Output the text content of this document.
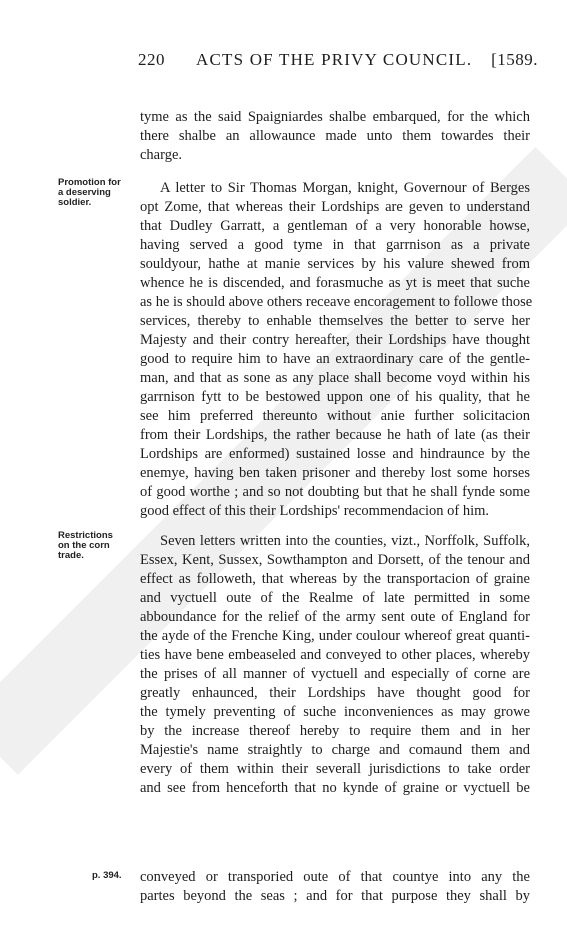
220 ACTS OF THE PRIVY COUNCIL. [1589.
Promotion for
a deserving
soldier.
Restrictions
on the corn
trade.
p. 394.
tyme as the said Spaigniardes shalbe embarqued, for the which
there shalbe an allowaunce made unto them towardes their
charge.
A letter to Sir Thomas Morgan, knight, Governour of Berges
opt Zome, that whereas their Lordships are geven to understand
that Dudley Garratt, a gentleman of a very honorable howse,
having served a good tyme in that garrnison as a private
souldyour, hathe at manie services by his valure shewed from
whence he is discended, and forasmuche as yt is meet that suche
as he is should above others receave encoragement to followe those
services, thereby to enhable themselves the better to serve her
Majesty and their contry hereafter, their Lordships have thought
good to require him to have an extraordinary care of the gentle-
man, and that as sone as any place shall become voyd within his
garrnison fytt to be bestowed uppon one of his quality, that he
see him preferred thereunto without anie further solicitacion
from their Lordships, the rather because he hath of late (as their
Lordships are enformed) sustained losse and hindraunce by the
enemye, having ben taken prisoner and thereby lost some horses
of good worthe ; and so not doubting but that he shall fynde some
good effect of this their Lordships' recommendacion of him.
Seven letters written into the counties, vizt., Norffolk, Suffolk,
Essex, Kent, Sussex, Sowthampton and Dorsett, of the tenour and
effect as followeth, that whereas by the transportacion of graine
and vyctuell oute of the Realme of late permitted in some
abboundance for the relief of the army sent oute of England for
the ayde of the Frenche King, under coulour whereof great quanti-
ties have bene embeaseled and conveyed to other places, whereby
the prises of all manner of vyctuell and especially of corne are
greatly enhaunced, their Lordships have thought good for
the tymely preventing of suche inconveniences as may growe
by the increase thereof hereby to require them and in her
Majestie's name straightly to charge and comaund them and
every of them within their severall jurisdictions to take order
and see from henceforth that no kynde of graine or vyctuell be
conveyed or transporied oute of that countye into any the
partes beyond the seas ; and for that purpose they shall by
